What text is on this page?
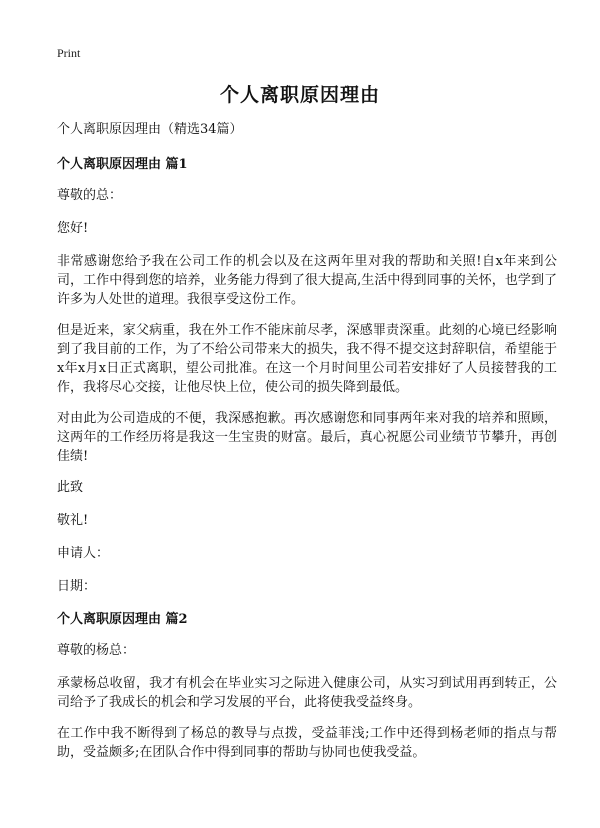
Print
个人离职原因理由

个人离职原因理由（精选34篇）

个人离职原因理由 篇1

尊敬的总：

您好!

非常感谢您给予我在公司工作的机会以及在这两年里对我的帮助和关照!自x年来到公司，工作中得到您的培养，业务能力得到了很大提高,生活中得到同事的关怀，也学到了许多为人处世的道理。我很享受这份工作。

但是近来，家父病重，我在外工作不能床前尽孝，深感罪责深重。此刻的心境已经影响到了我目前的工作，为了不给公司带来大的损失，我不得不提交这封辞职信，希望能于x年x月x日正式离职，望公司批准。在这一个月时间里公司若安排好了人员接替我的工作，我将尽心交接，让他尽快上位，使公司的损失降到最低。

对由此为公司造成的不便，我深感抱歉。再次感谢您和同事两年来对我的培养和照顾，这两年的工作经历将是我这一生宝贵的财富。最后，真心祝愿公司业绩节节攀升，再创佳绩!

此致

敬礼!

申请人：

日期：

个人离职原因理由 篇2

尊敬的杨总：

承蒙杨总收留，我才有机会在毕业实习之际进入健康公司，从实习到试用再到转正，公司给予了我成长的机会和学习发展的平台，此将使我受益终身。

在工作中我不断得到了杨总的教导与点拨，受益菲浅;工作中还得到杨老师的指点与帮助，受益颇多;在团队合作中得到同事的帮助与协同也使我受益。
